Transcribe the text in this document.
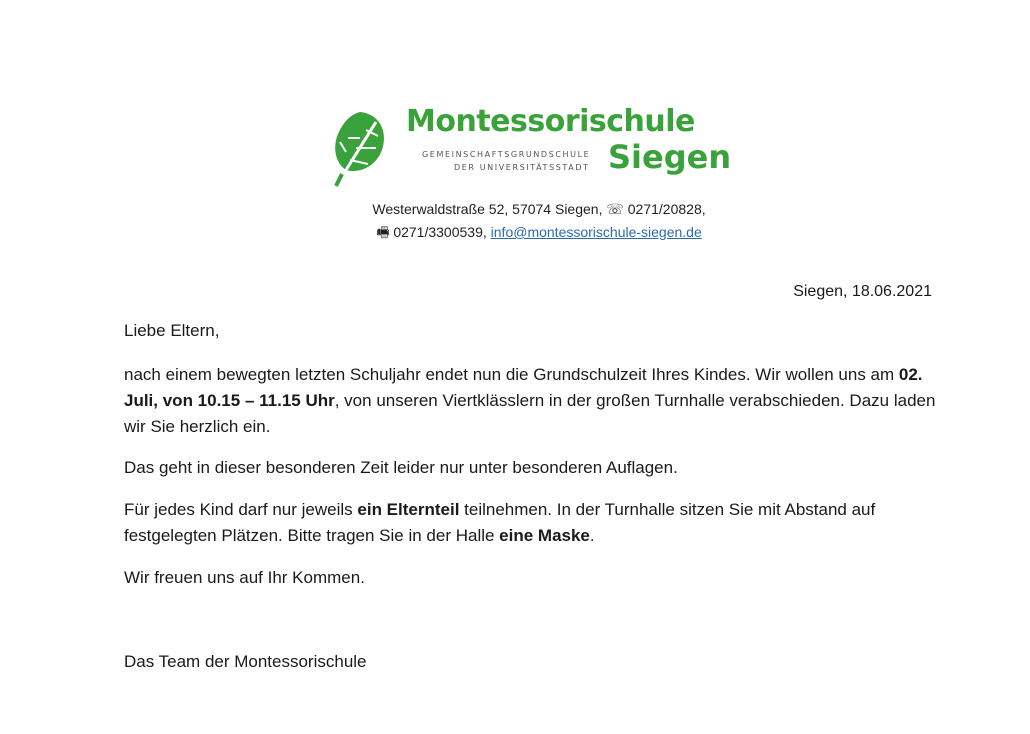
Montessorischule
GEMEINSCHAFTSGRUNDSCHULE
DER UNIVERSITÄTSSTADT Siegen
Westerwaldstraße 52, 57074 Siegen, ☏ 0271/20828,
🖷 0271/3300539, info@montessorischule-siegen.de
Siegen, 18.06.2021
Liebe Eltern,
nach einem bewegten letzten Schuljahr endet nun die Grundschulzeit Ihres Kindes. Wir wollen uns am 02. Juli, von 10.15 – 11.15 Uhr, von unseren Viertklässlern in der großen Turnhalle verabschieden. Dazu laden wir Sie herzlich ein.
Das geht in dieser besonderen Zeit leider nur unter besonderen Auflagen.
Für jedes Kind darf nur jeweils ein Elternteil teilnehmen. In der Turnhalle sitzen Sie mit Abstand auf festgelegten Plätzen. Bitte tragen Sie in der Halle eine Maske.
Wir freuen uns auf Ihr Kommen.
Das Team der Montessorischule
